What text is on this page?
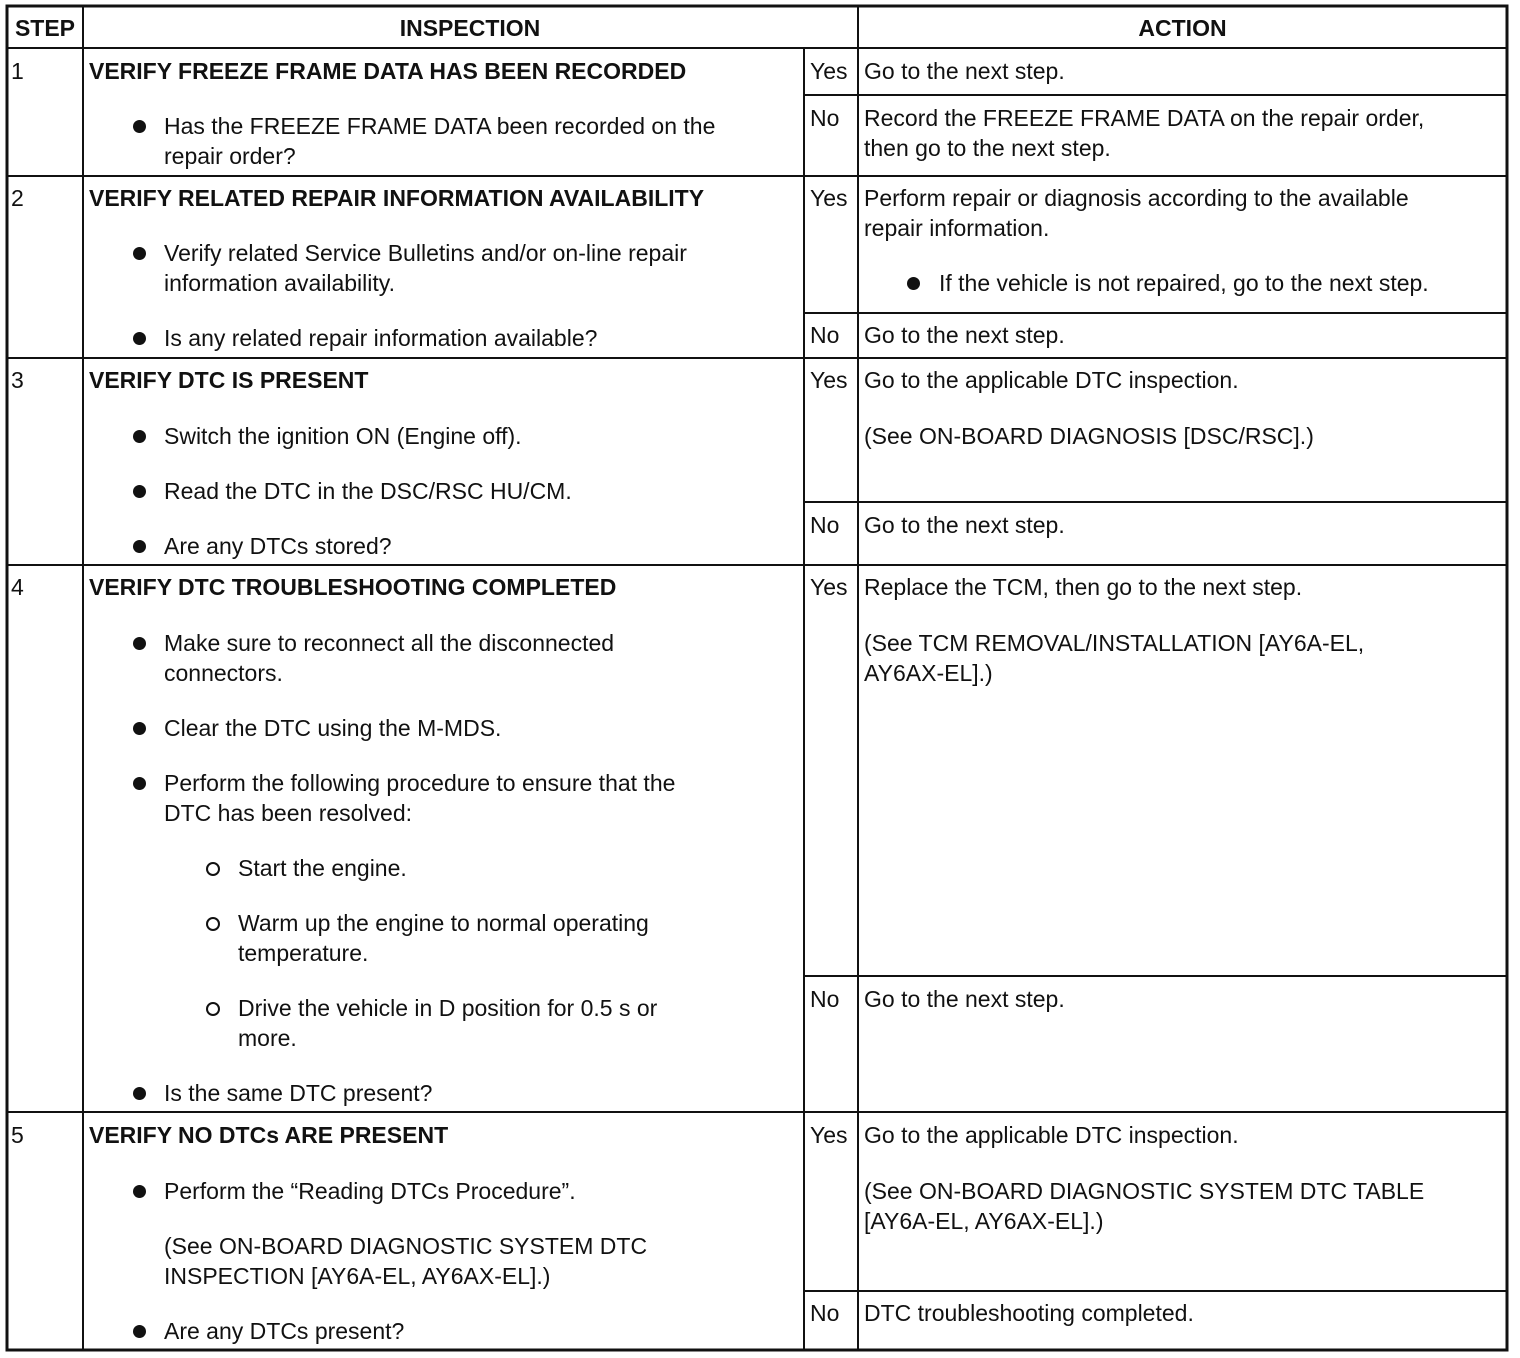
STEP	INSPECTION	ACTION
1	VERIFY FREEZE FRAME DATA HAS BEEN RECORDED
Has the FREEZE FRAME DATA been recorded on the
repair order?
Yes Go to the next step.
No Record the FREEZE FRAME DATA on the repair order,
then go to the next step.
2	VERIFY RELATED REPAIR INFORMATION AVAILABILITY
Verify related Service Bulletins and/or on-line repair
information availability.
Is any related repair information available?
Yes Perform repair or diagnosis according to the available
repair information.
If the vehicle is not repaired, go to the next step.
No Go to the next step.
3	VERIFY DTC IS PRESENT
Switch the ignition ON (Engine off).
Read the DTC in the DSC/RSC HU/CM.
Are any DTCs stored?
Yes Go to the applicable DTC inspection.
(See ON-BOARD DIAGNOSIS [DSC/RSC].)
No Go to the next step.
4	VERIFY DTC TROUBLESHOOTING COMPLETED
Make sure to reconnect all the disconnected
connectors.
Clear the DTC using the M-MDS.
Perform the following procedure to ensure that the
DTC has been resolved:
Start the engine.
Warm up the engine to normal operating
temperature.
Drive the vehicle in D position for 0.5 s or
more.
Is the same DTC present?
Yes Replace the TCM, then go to the next step.
(See TCM REMOVAL/INSTALLATION [AY6A-EL,
AY6AX-EL].)
No Go to the next step.
5	VERIFY NO DTCs ARE PRESENT
Perform the “Reading DTCs Procedure”.
(See ON-BOARD DIAGNOSTIC SYSTEM DTC
INSPECTION [AY6A-EL, AY6AX-EL].)
Are any DTCs present?
Yes Go to the applicable DTC inspection.
(See ON-BOARD DIAGNOSTIC SYSTEM DTC TABLE
[AY6A-EL, AY6AX-EL].)
No DTC troubleshooting completed.
